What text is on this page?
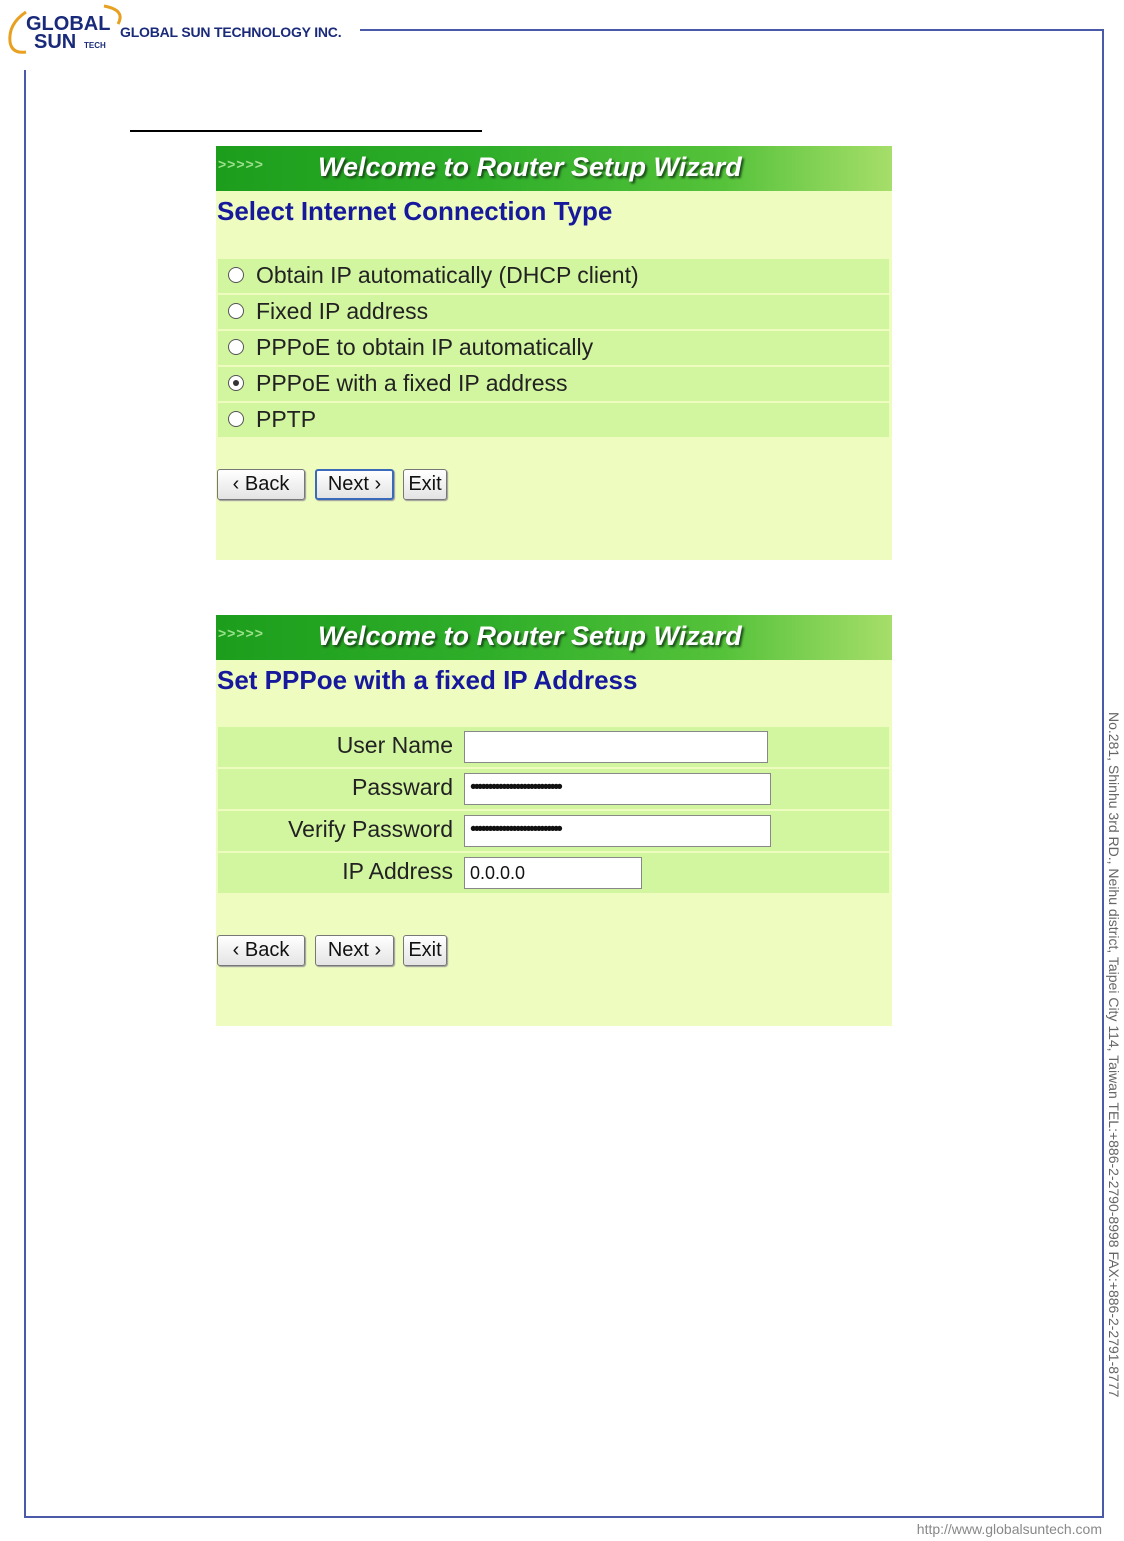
GLOBAL
SUN TECH
GLOBAL SUN TECHNOLOGY INC.
No.281, Shinhu 3rd RD., Neihu district, Taipei City 114, Taiwan TEL:+886-2-2790-8998 FAX:+886-2-2791-8777
http://www.globalsuntech.com
>>>>> Welcome to Router Setup Wizard
Select Internet Connection Type
Obtain IP automatically (DHCP client)
Fixed IP address
PPPoE to obtain IP automatically
PPPoE with a fixed IP address
PPTP
‹ Back	Next ›	Exit
>>>>> Welcome to Router Setup Wizard
Set PPPoe with a fixed IP Address
User Name
Passward ••••••••••••••••••••••••••
Verify Password ••••••••••••••••••••••••••
IP Address 0.0.0.0
‹ Back	Next ›	Exit
